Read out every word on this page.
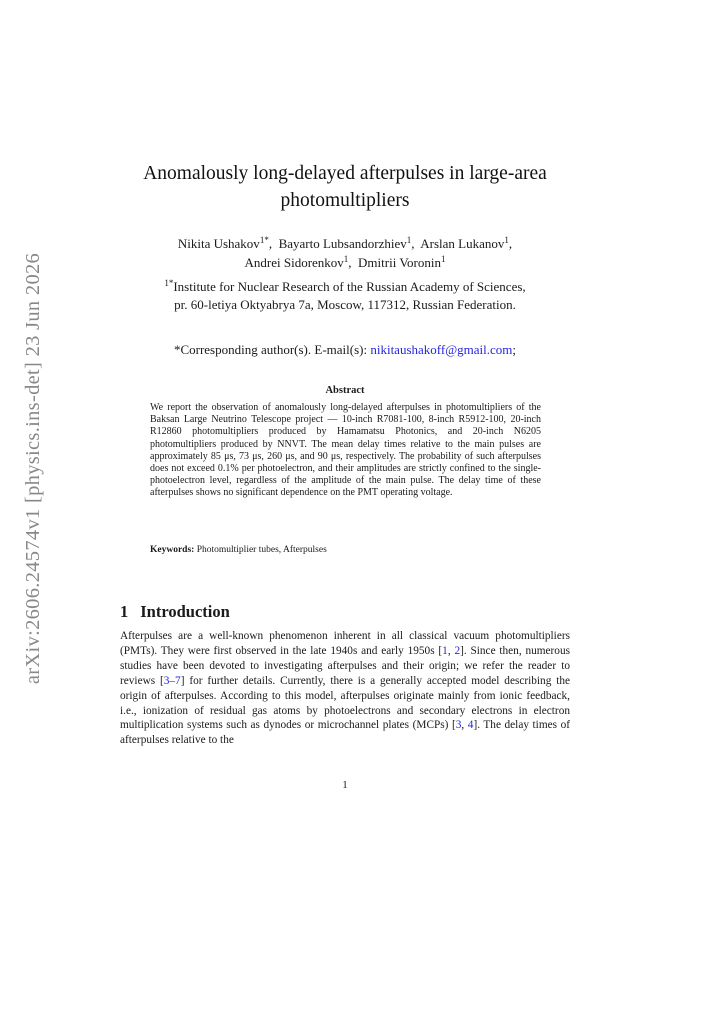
arXiv:2606.24574v1 [physics.ins-det] 23 Jun 2026
Anomalously long-delayed afterpulses in large-area
photomultipliers
Nikita Ushakov$^{1*}$,  Bayarto Lubsandorzhiev$^1$,  Arslan Lukanov$^1$,
Andrei Sidorenkov$^1$,  Dmitrii Voronin$^1$
$^{1*}$Institute for Nuclear Research of the Russian Academy of Sciences,
pr. 60-letiya Oktyabrya 7a, Moscow, 117312, Russian Federation.
*Corresponding author(s). E-mail(s): nikitaushakoff@gmail.com;
Abstract
We report the observation of anomalously long-delayed afterpulses in photomultipliers of the Baksan Large Neutrino Telescope project — 10-inch R7081-100, 8-inch R5912-100, 20-inch R12860 photomultipliers produced by Hamamatsu Photonics, and 20-inch N6205 photomultipliers produced by NNVT. The mean delay times relative to the main pulses are approximately 85 μs, 73 μs, 260 μs, and 90 μs, respectively. The probability of such afterpulses does not exceed 0.1% per photoelectron, and their amplitudes are strictly confined to the single-photoelectron level, regardless of the amplitude of the main pulse. The delay time of these afterpulses shows no significant dependence on the PMT operating voltage.
Keywords: Photomultiplier tubes, Afterpulses
1 Introduction
Afterpulses are a well-known phenomenon inherent in all classical vacuum photomultipliers (PMTs). They were first observed in the late 1940s and early 1950s [1, 2]. Since then, numerous studies have been devoted to investigating afterpulses and their origin; we refer the reader to reviews [3–7] for further details. Currently, there is a generally accepted model describing the origin of afterpulses. According to this model, afterpulses originate mainly from ionic feedback, i.e., ionization of residual gas atoms by photoelectrons and secondary electrons in electron multiplication systems such as dynodes or microchannel plates (MCPs) [3, 4]. The delay times of afterpulses relative to the
1
